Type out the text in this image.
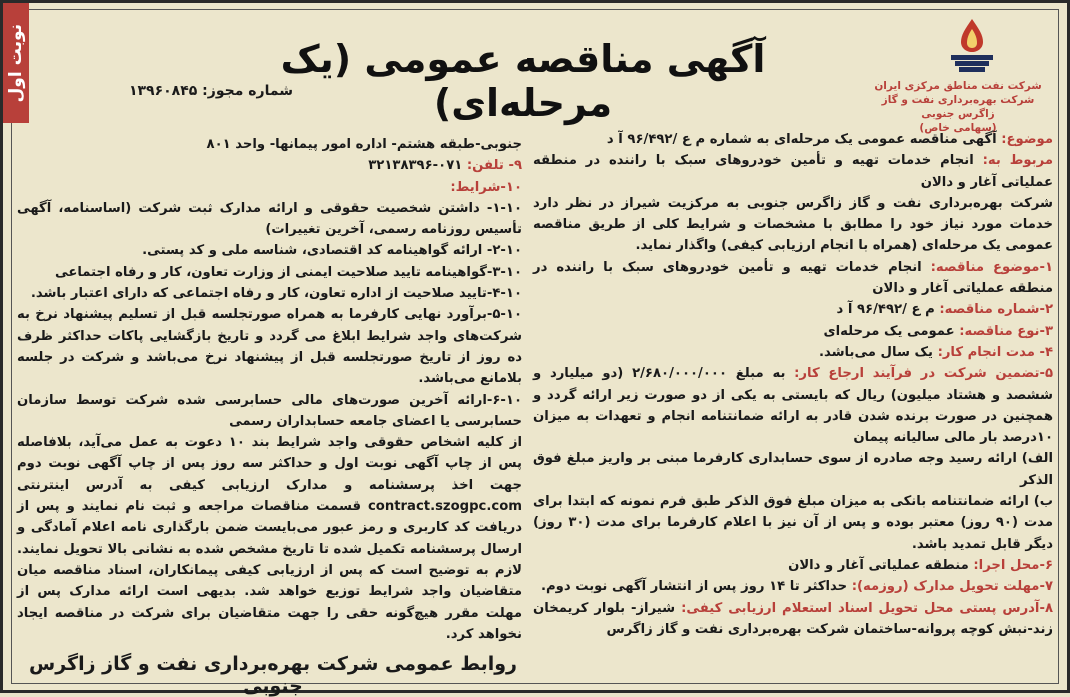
نوبت اول	آگهی مناقصه عمومی (یک مرحله‌ای)
شماره مجوز: ۱۳۹۶۰۸۴۵	شرکت نفت مناطق مرکزی ایران
شرکت بهره‌برداری نفت و گاز زاگرس جنوبی
(سهامی خاص)

موضوع: آگهی مناقصه عمومی یک مرحله‌ای به شماره م ع /۹۶/۴۹۲ آ د

مربوط به: انجام خدمات تهیه و تأمین خودروهای سبک با راننده در منطقه عملیاتی آغار و دالان

شرکت بهره‌برداری نفت و گاز زاگرس جنوبی به مرکزیت شیراز در نظر دارد خدمات مورد نیاز خود را مطابق با مشخصات و شرایط کلی از طریق مناقصه عمومی یک مرحله‌ای (همراه با انجام ارزیابی کیفی) واگذار نماید.

۱-موضوع مناقصه: انجام خدمات تهیه و تأمین خودروهای سبک با راننده در منطقه عملیاتی آغار و دالان

۲-شماره مناقصه: م ع /۹۶/۴۹۲ آ د

۳-نوع مناقصه: عمومی یک مرحله‌ای

۴- مدت انجام کار: یک سال می‌باشد.

۵-تضمین شرکت در فرآیند ارجاع کار: به مبلغ ۲/۶۸۰/۰۰۰/۰۰۰ (دو میلیارد و ششصد و هشتاد میلیون) ریال که بایستی به یکی از دو صورت زیر ارائه گردد و همچنین در صورت برنده شدن قادر به ارائه ضمانتنامه انجام و تعهدات به میزان ۱۰درصد بار مالی سالیانه پیمان

الف) ارائه رسید وجه صادره از سوی حسابداری کارفرما مبنی بر واریز مبلغ فوق الذکر

ب) ارائه ضمانتنامه بانکی به میزان مبلغ فوق الذکر طبق فرم نمونه که ابتدا برای مدت (۹۰ روز) معتبر بوده و پس از آن نیز با اعلام کارفرما برای مدت (۳۰ روز) دیگر قابل تمدید باشد.

۶-محل اجرا: منطقه عملیاتی آغار و دالان

۷-مهلت تحویل مدارک (روزمه): حداکثر تا ۱۴ روز پس از انتشار آگهی نوبت دوم.

۸-آدرس پستی محل تحویل اسناد استعلام ارزیابی کیفی: شیراز- بلوار کریمخان زند-نبش کوچه پروانه-ساختمان شرکت بهره‌برداری نفت و گاز زاگرس

جنوبی-طبقه هشتم- اداره امور پیمانها- واحد ۸۰۱

۹- تلفن: ۰۷۱-۳۲۱۳۸۳۹۶

۱۰-شرایط:

۱-۱۰- داشتن شخصیت حقوقی و ارائه مدارک ثبت شرکت (اساسنامه، آگهی تأسیس روزنامه رسمی، آخرین تغییرات)

۲-۱۰- ارائه گواهینامه کد اقتصادی، شناسه ملی و کد پستی.

۳-۱۰-گواهینامه تایید صلاحیت ایمنی از وزارت تعاون، کار و رفاه اجتماعی

۴-۱۰-تایید صلاحیت از اداره تعاون، کار و رفاه اجتماعی که دارای اعتبار باشد.

۵-۱۰-برآورد نهایی کارفرما به همراه صورتجلسه قبل از تسلیم پیشنهاد نرخ به شرکت‌های واجد شرایط ابلاغ می گردد و تاریخ بازگشایی پاکات حداکثر ظرف ده روز از تاریخ صورتجلسه قبل از پیشنهاد نرخ می‌باشد و شرکت در جلسه بلامانع می‌باشد.

۶-۱۰-ارائه آخرین صورت‌های مالی حسابرسی شده شرکت توسط سازمان حسابرسی یا اعضای جامعه حسابداران رسمی

از کلیه اشخاص حقوقی واجد شرایط بند ۱۰ دعوت به عمل می‌آید، بلافاصله پس از چاپ آگهی نوبت اول و حداکثر سه روز پس از چاپ آگهی نوبت دوم جهت اخذ پرسشنامه و مدارک ارزیابی کیفی به آدرس اینترنتی contract.szogpc.com قسمت مناقصات مراجعه و ثبت نام نمایند و پس از دریافت کد کاربری و رمز عبور می‌بایست ضمن بارگذاری نامه اعلام آمادگی و ارسال پرسشنامه تکمیل شده تا تاریخ مشخص شده به نشانی بالا تحویل نمایند. لازم به توضیح است که پس از ارزیابی کیفی پیمانکاران، اسناد مناقصه میان متقاضیان واجد شرایط توزیع خواهد شد. بدیهی است ارائه مدارک پس از مهلت مقرر هیچ‌گونه حقی را جهت متقاضیان برای شرکت در مناقصه ایجاد نخواهد کرد.

روابط عمومی شرکت بهره‌برداری نفت و گاز زاگرس جنوبی
